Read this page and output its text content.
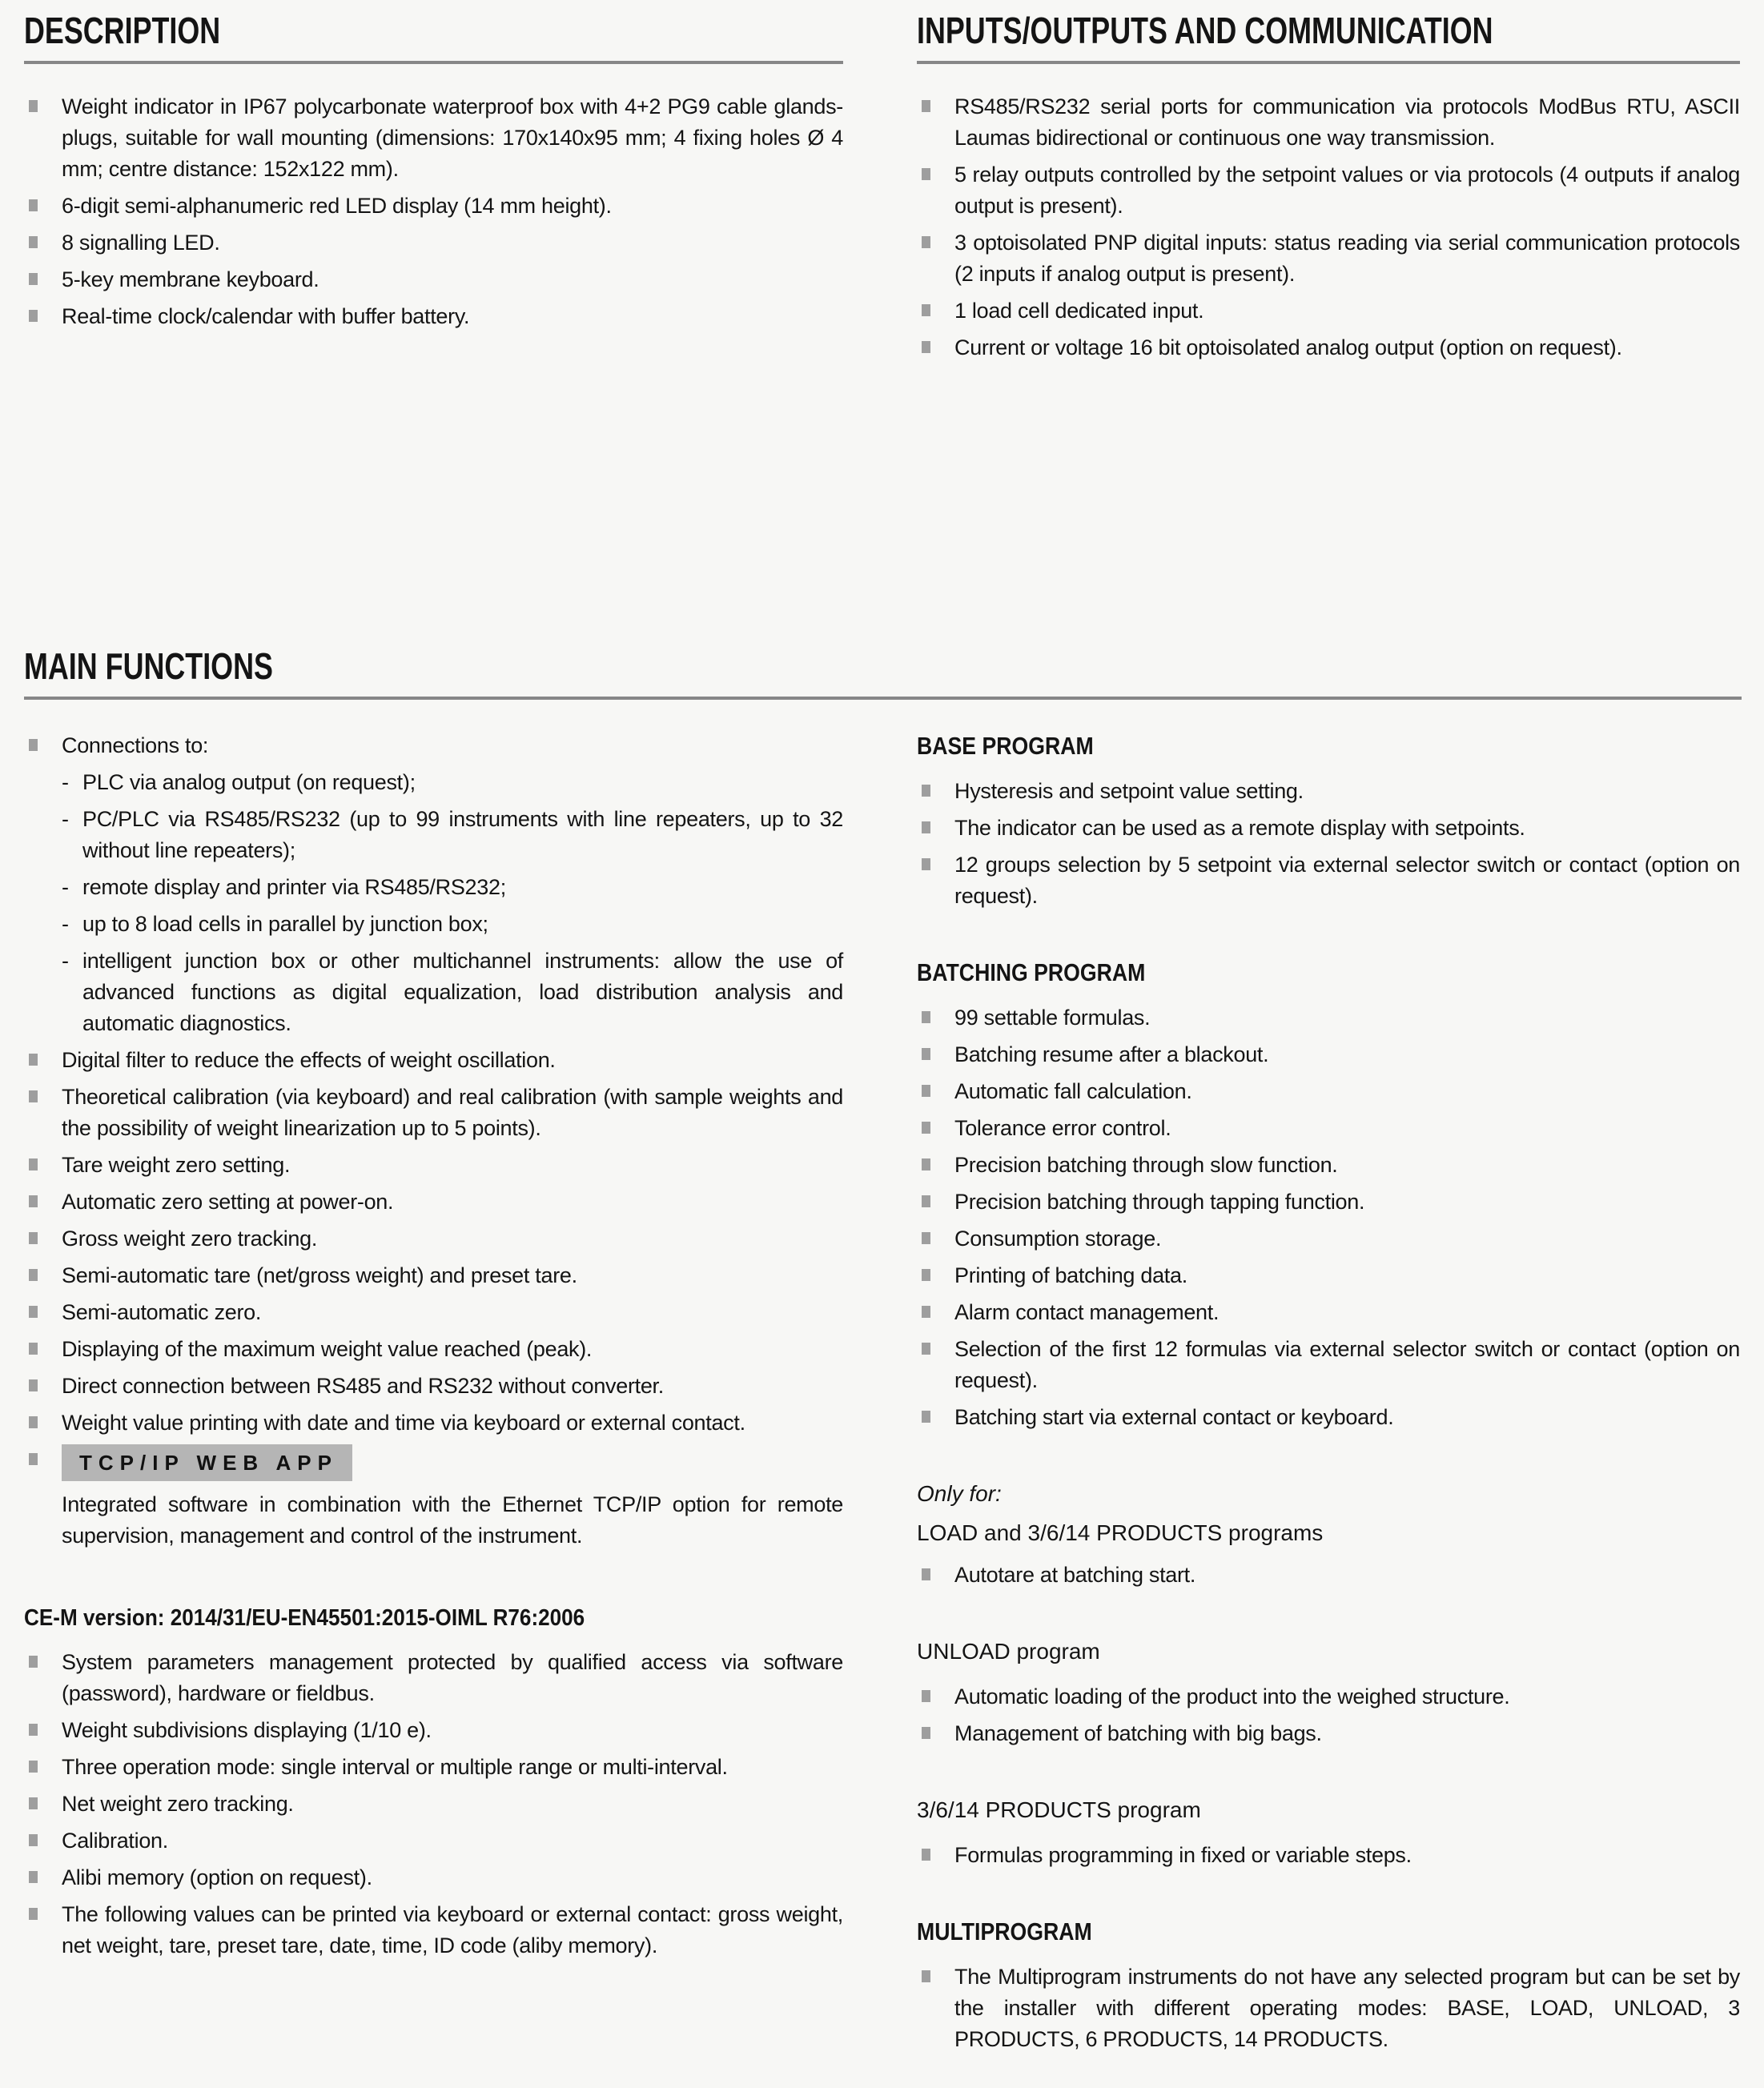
DESCRIPTION
Weight indicator in IP67 polycarbonate waterproof box with 4+2 PG9 cable glands-plugs, suitable for wall mounting (dimensions: 170x140x95 mm; 4 fixing holes Ø 4 mm; centre distance: 152x122 mm).
6-digit semi-alphanumeric red LED display (14 mm height).
8 signalling LED.
5-key membrane keyboard.
Real-time clock/calendar with buffer battery.
INPUTS/OUTPUTS AND COMMUNICATION
RS485/RS232 serial ports for communication via protocols ModBus RTU, ASCII Laumas bidirectional or continuous one way transmission.
5 relay outputs controlled by the setpoint values or via protocols (4 outputs if analog output is present).
3 optoisolated PNP digital inputs: status reading via serial communication protocols (2 inputs if analog output is present).
1 load cell dedicated input.
Current or voltage 16 bit optoisolated analog output (option on request).
MAIN FUNCTIONS
Connections to:
- PLC via analog output (on request);
- PC/PLC via RS485/RS232 (up to 99 instruments with line repeaters, up to 32 without line repeaters);
- remote display and printer via RS485/RS232;
- up to 8 load cells in parallel by junction box;
- intelligent junction box or other multichannel instruments: allow the use of advanced functions as digital equalization, load distribution analysis and automatic diagnostics.
Digital filter to reduce the effects of weight oscillation.
Theoretical calibration (via keyboard) and real calibration (with sample weights and the possibility of weight linearization up to 5 points).
Tare weight zero setting.
Automatic zero setting at power-on.
Gross weight zero tracking.
Semi-automatic tare (net/gross weight) and preset tare.
Semi-automatic zero.
Displaying of the maximum weight value reached (peak).
Direct connection between RS485 and RS232 without converter.
Weight value printing with date and time via keyboard or external contact.
TCP/IP WEB APP
Integrated software in combination with the Ethernet TCP/IP option for remote supervision, management and control of the instrument.
CE-M version: 2014/31/EU-EN45501:2015-OIML R76:2006
System parameters management protected by qualified access via software (password), hardware or fieldbus.
Weight subdivisions displaying (1/10 e).
Three operation mode: single interval or multiple range or multi-interval.
Net weight zero tracking.
Calibration.
Alibi memory (option on request).
The following values can be printed via keyboard or external contact: gross weight, net weight, tare, preset tare, date, time, ID code (aliby memory).
BASE PROGRAM
Hysteresis and setpoint value setting.
The indicator can be used as a remote display with setpoints.
12 groups selection by 5 setpoint via external selector switch or contact (option on request).
BATCHING PROGRAM
99 settable formulas.
Batching resume after a blackout.
Automatic fall calculation.
Tolerance error control.
Precision batching through slow function.
Precision batching through tapping function.
Consumption storage.
Printing of batching data.
Alarm contact management.
Selection of the first 12 formulas via external selector switch or contact (option on request).
Batching start via external contact or keyboard.
Only for:
LOAD and 3/6/14 PRODUCTS programs
Autotare at batching start.
UNLOAD program
Automatic loading of the product into the weighed structure.
Management of batching with big bags.
3/6/14 PRODUCTS program
Formulas programming in fixed or variable steps.
MULTIPROGRAM
The Multiprogram instruments do not have any selected program but can be set by the installer with different operating modes: BASE, LOAD, UNLOAD, 3 PRODUCTS, 6 PRODUCTS, 14 PRODUCTS.
